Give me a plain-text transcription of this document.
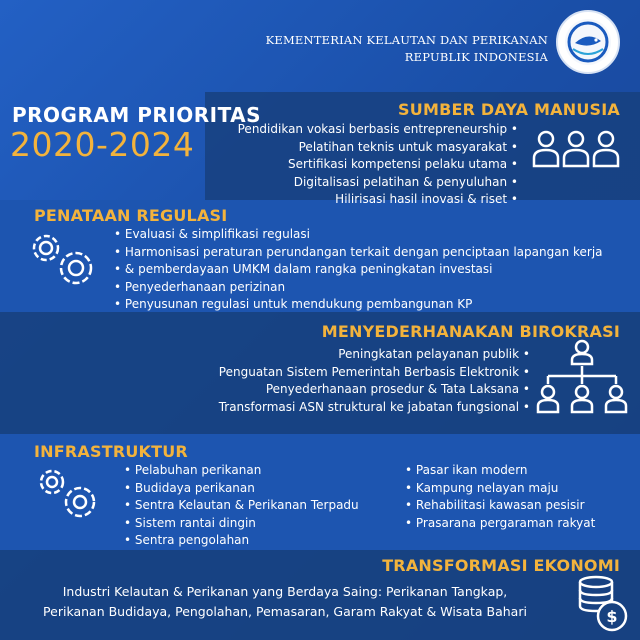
KEMENTERIAN KELAUTAN DAN PERIKANAN
REPUBLIK INDONESIA
PROGRAM PRIORITAS
2020-2024
SUMBER DAYA MANUSIA
Pendidikan vokasi berbasis entrepreneurship •
Pelatihan teknis untuk masyarakat •
Sertifikasi kompetensi pelaku utama •
Digitalisasi pelatihan & penyuluhan •
Hilirisasi hasil inovasi & riset •
PENATAAN REGULASI
• Evaluasi & simplifikasi regulasi
• Harmonisasi peraturan perundangan terkait dengan penciptaan lapangan kerja
• & pemberdayaan UMKM dalam rangka peningkatan investasi
• Penyederhanaan perizinan
• Penyusunan regulasi untuk mendukung pembangunan KP
MENYEDERHANAKAN BIROKRASI
Peningkatan pelayanan publik •
Penguatan Sistem Pemerintah Berbasis Elektronik •
Penyederhanaan prosedur & Tata Laksana •
Transformasi ASN struktural ke jabatan fungsional •
INFRASTRUKTUR
• Pelabuhan perikanan
• Budidaya perikanan
• Sentra Kelautan & Perikanan Terpadu
• Sistem rantai dingin
• Sentra pengolahan
• Pasar ikan modern
• Kampung nelayan maju
• Rehabilitasi kawasan pesisir
• Prasarana pergaraman rakyat
TRANSFORMASI EKONOMI
Industri Kelautan & Perikanan yang Berdaya Saing: Perikanan Tangkap,
Perikanan Budidaya, Pengolahan, Pemasaran, Garam Rakyat & Wisata Bahari	$
